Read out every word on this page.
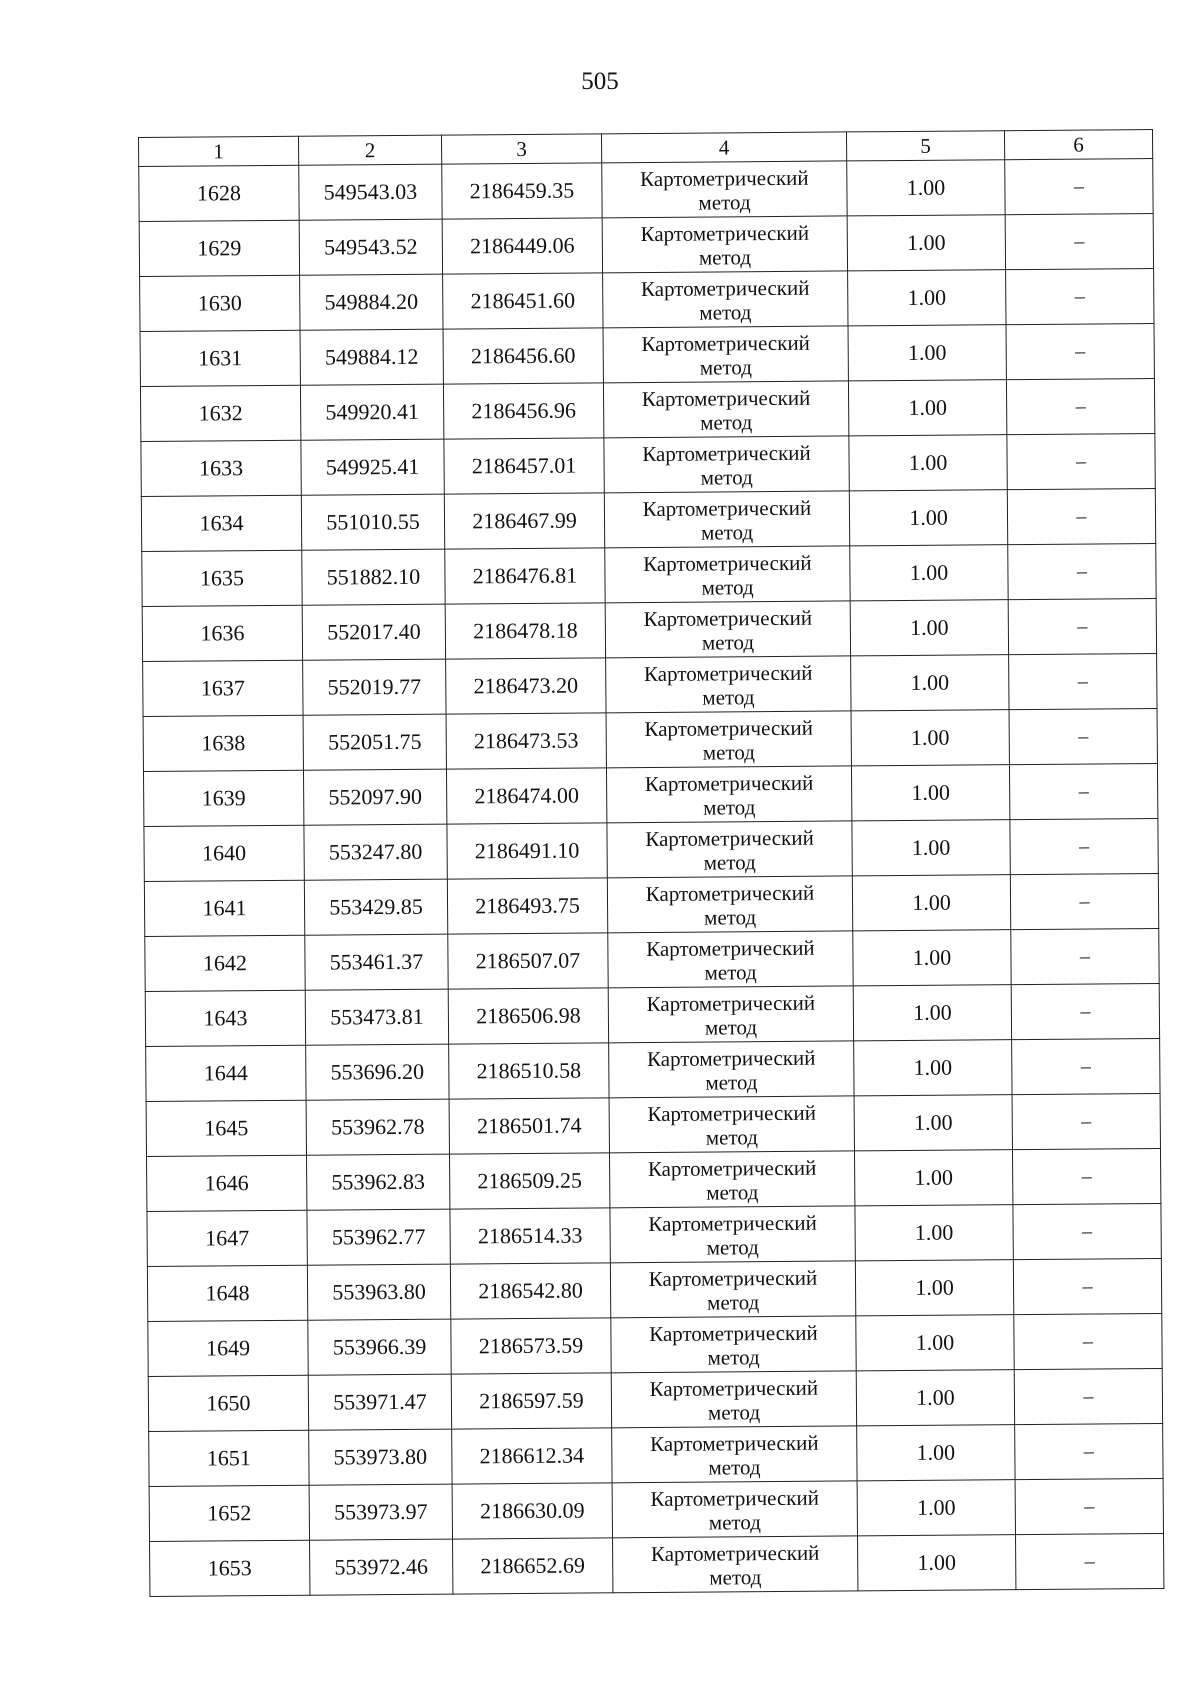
505
1	2	3	4	5	6
1628	549543.03	2186459.35	Картометрический
метод	1.00	–
1629	549543.52	2186449.06	Картометрический
метод	1.00	–
1630	549884.20	2186451.60	Картометрический
метод	1.00	–
1631	549884.12	2186456.60	Картометрический
метод	1.00	–
1632	549920.41	2186456.96	Картометрический
метод	1.00	–
1633	549925.41	2186457.01	Картометрический
метод	1.00	–
1634	551010.55	2186467.99	Картометрический
метод	1.00	–
1635	551882.10	2186476.81	Картометрический
метод	1.00	–
1636	552017.40	2186478.18	Картометрический
метод	1.00	–
1637	552019.77	2186473.20	Картометрический
метод	1.00	–
1638	552051.75	2186473.53	Картометрический
метод	1.00	–
1639	552097.90	2186474.00	Картометрический
метод	1.00	–
1640	553247.80	2186491.10	Картометрический
метод	1.00	–
1641	553429.85	2186493.75	Картометрический
метод	1.00	–
1642	553461.37	2186507.07	Картометрический
метод	1.00	–
1643	553473.81	2186506.98	Картометрический
метод	1.00	–
1644	553696.20	2186510.58	Картометрический
метод	1.00	–
1645	553962.78	2186501.74	Картометрический
метод	1.00	–
1646	553962.83	2186509.25	Картометрический
метод	1.00	–
1647	553962.77	2186514.33	Картометрический
метод	1.00	–
1648	553963.80	2186542.80	Картометрический
метод	1.00	–
1649	553966.39	2186573.59	Картометрический
метод	1.00	–
1650	553971.47	2186597.59	Картометрический
метод	1.00	–
1651	553973.80	2186612.34	Картометрический
метод	1.00	–
1652	553973.97	2186630.09	Картометрический
метод	1.00	–
1653	553972.46	2186652.69	Картометрический
метод	1.00	–
